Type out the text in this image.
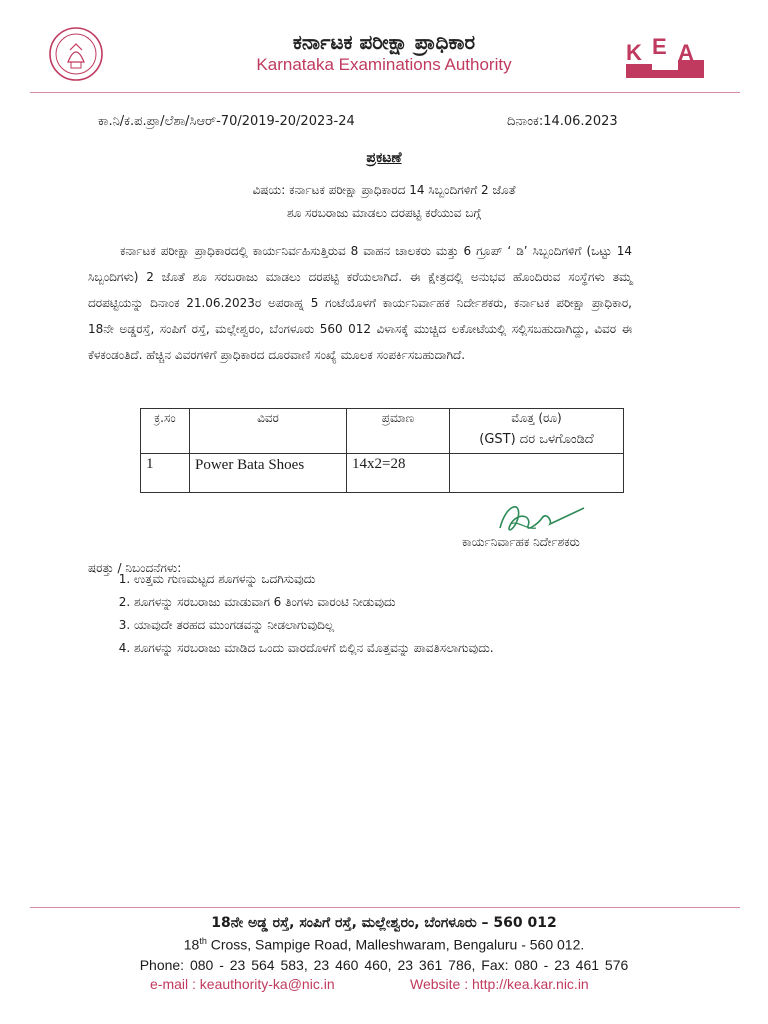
ಕರ್ನಾಟಕ ಪರೀಕ್ಷಾ ಪ್ರಾಧಿಕಾರ
Karnataka Examinations Authority	K E A
ಕಾ.ನಿ/ಕ.ಪ.ಪ್ರಾ/ಲೆಶಾ/ಸಿಆರ್-70/2019-20/2023-24	ದಿನಾಂಕ:14.06.2023
ಪ್ರಕಟಣೆ
ವಿಷಯ: ಕರ್ನಾಟಕ ಪರೀಕ್ಷಾ ಪ್ರಾಧಿಕಾರದ 14 ಸಿಬ್ಬಂದಿಗಳಿಗೆ 2 ಜೊತೆ
ಶೂ ಸರಬರಾಜು ಮಾಡಲು ದರಪಟ್ಟಿ ಕರೆಯುವ ಬಗ್ಗೆ
ಕರ್ನಾಟಕ ಪರೀಕ್ಷಾ ಪ್ರಾಧಿಕಾರದಲ್ಲಿ ಕಾರ್ಯನಿರ್ವಹಿಸುತ್ತಿರುವ 8 ವಾಹನ ಚಾಲಕರು ಮತ್ತು 6 ಗ್ರೂಪ್ ‘ ಡಿ’ ಸಿಬ್ಬಂದಿಗಳಿಗೆ (ಒಟ್ಟು 14 ಸಿಬ್ಬಂದಿಗಳು) 2 ಜೊತೆ ಶೂ ಸರಬರಾಜು ಮಾಡಲು ದರಪಟ್ಟಿ ಕರೆಯಲಾಗಿದೆ. ಈ ಕ್ಷೇತ್ರದಲ್ಲಿ ಅನುಭವ ಹೊಂದಿರುವ ಸಂಸ್ಥೆಗಳು ತಮ್ಮ ದರಪಟ್ಟಿಯನ್ನು ದಿನಾಂಕ 21.06.2023ರ ಅಪರಾಹ್ನ 5 ಗಂಟೆಯೊಳಗೆ ಕಾರ್ಯನಿರ್ವಾಹಕ ನಿರ್ದೇಶಕರು, ಕರ್ನಾಟಕ ಪರೀಕ್ಷಾ ಪ್ರಾಧಿಕಾರ, 18ನೇ ಅಡ್ಡರಸ್ತೆ, ಸಂಪಿಗೆ ರಸ್ತೆ, ಮಲ್ಲೇಶ್ವರಂ, ಬೆಂಗಳೂರು 560 012 ವಿಳಾಸಕ್ಕೆ ಮುಚ್ಚಿದ ಲಕೋಟೆಯಲ್ಲಿ ಸಲ್ಲಿಸಬಹುದಾಗಿದ್ದು, ವಿವರ ಈ ಕೆಳಕಂಡಂತಿದೆ. ಹೆಚ್ಚಿನ ವಿವರಗಳಿಗೆ ಪ್ರಾಧಿಕಾರದ ದೂರವಾಣಿ ಸಂಖ್ಯೆ ಮೂಲಕ ಸಂಪರ್ಕಿಸಬಹುದಾಗಿದೆ.
ಕ್ರ.ಸಂ	ವಿವರ	ಪ್ರಮಾಣ	ಮೊತ್ತ (ರೂ)
(GST) ದರ ಒಳಗೊಂಡಿದೆ

1	Power Bata Shoes	14x2=28	
ಕಾರ್ಯನಿರ್ವಾಹಕ ನಿರ್ದೇಶಕರು
ಷರತ್ತು / ನಿಬಂದನೆಗಳು:
1. ಉತ್ತಮ ಗುಣಮಟ್ಟದ ಶೂಗಳನ್ನು ಒದಗಿಸುವುದು
2. ಶೂಗಳನ್ನು ಸರಬರಾಜು ಮಾಡುವಾಗ 6 ತಿಂಗಳು ವಾರಂಟಿ ನೀಡುವುದು
3. ಯಾವುದೇ ತರಹದ ಮುಂಗಡವನ್ನು ನೀಡಲಾಗುವುದಿಲ್ಲ
4. ಶೂಗಳನ್ನು ಸರಬರಾಜು ಮಾಡಿದ ಒಂದು ವಾರದೊಳಗೆ ಬಿಲ್ಲಿನ ಮೊತ್ತವನ್ನು ಪಾವತಿಸಲಾಗುವುದು.
18ನೇ ಅಡ್ಡ ರಸ್ತೆ, ಸಂಪಿಗೆ ರಸ್ತೆ, ಮಲ್ಲೇಶ್ವರಂ, ಬೆಂಗಳೂರು – 560 012
18th Cross, Sampige Road, Malleshwaram, Bengaluru - 560 012.
Phone: 080 - 23 564 583, 23 460 460, 23 361 786, Fax: 080 - 23 461 576
e-mail : keauthority-ka@nic.in	Website : http://kea.kar.nic.in
